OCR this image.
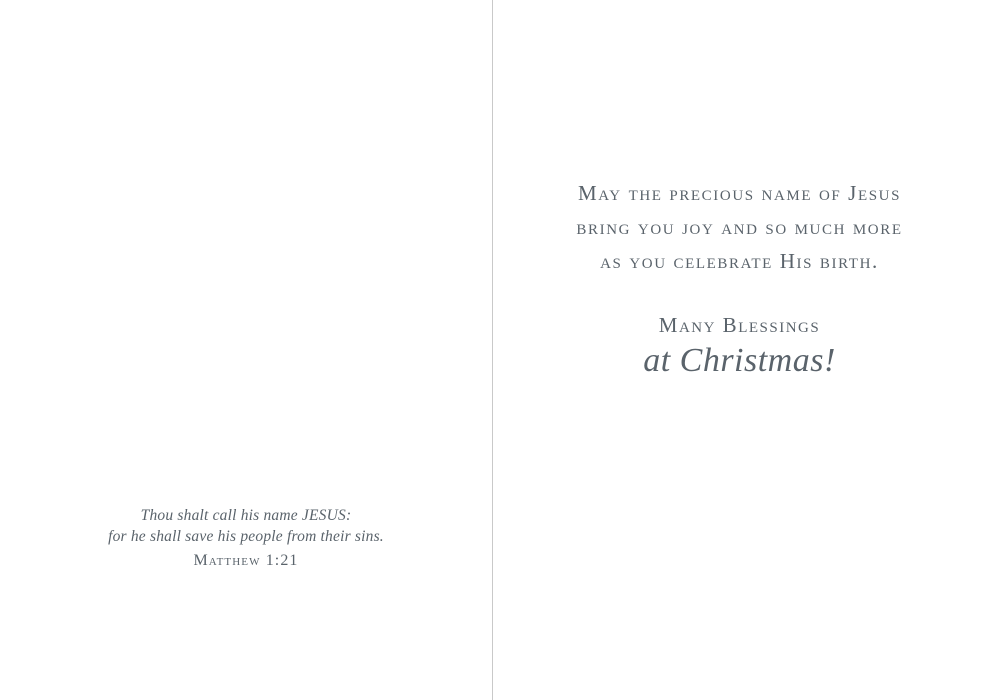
Thou shalt call his name JESUS:
for he shall save his people from their sins.
Matthew 1:21
May the precious name of Jesus
bring you joy and so much more
as you celebrate His birth.
Many Blessings
at Christmas!
